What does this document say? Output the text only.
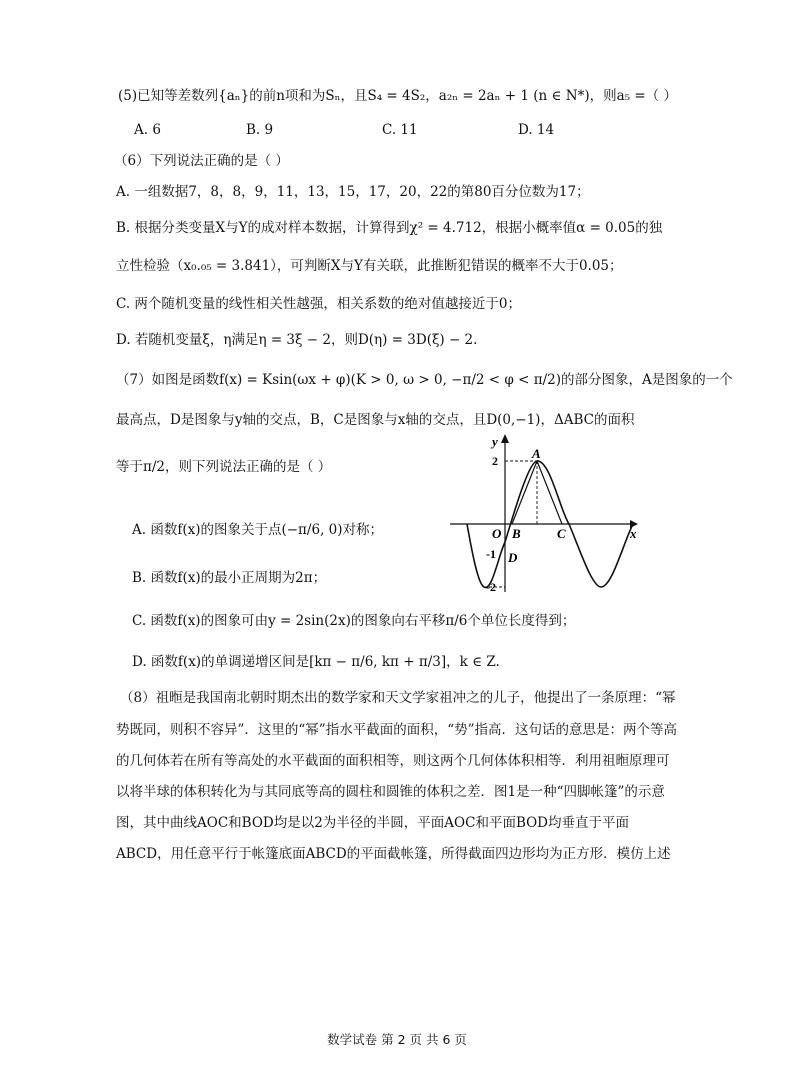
(5)已知等差数列{aₙ}的前n项和为Sₙ，且S₄ = 4S₂，a₂ₙ = 2aₙ + 1 (n ∈ N*)，则a₅ =（ ）
A. 6	B. 9	C. 11	D. 14
（6）下列说法正确的是（ ）
A. 一组数据7，8，8，9，11，13，15，17，20，22的第80百分位数为17；
B. 根据分类变量X与Y的成对样本数据，计算得到χ² = 4.712，根据小概率值α = 0.05的独
立性检验（x₀.₀₅ = 3.841），可判断X与Y有关联，此推断犯错误的概率不大于0.05；
C. 两个随机变量的线性相关性越强，相关系数的绝对值越接近于0；
D. 若随机变量ξ，η满足η = 3ξ − 2，则D(η) = 3D(ξ) − 2.
（7）如图是函数f(x) = Ksin(ωx + φ)(K > 0, ω > 0, −π/2 < φ < π/2)的部分图象，A是图象的一个
最高点，D是图象与y轴的交点，B，C是图象与x轴的交点，且D(0,−1)，ΔABC的面积
等于π/2，则下列说法正确的是（ ）
A. 函数f(x)的图象关于点(−π/6, 0)对称；
B. 函数f(x)的最小正周期为2π；
C. 函数f(x)的图象可由y = 2sin(2x)的图象向右平移π/6个单位长度得到；
D. 函数f(x)的单调递增区间是[kπ − π/6, kπ + π/3]，k ∈ Z.
y
x
2	A
O B	C
-1 D
-2
（8）祖暅是我国南北朝时期杰出的数学家和天文学家祖冲之的儿子，他提出了一条原理：“幂
势既同，则积不容异”．这里的“幂”指水平截面的面积，“势”指高．这句话的意思是：两个等高
的几何体若在所有等高处的水平截面的面积相等，则这两个几何体体积相等．利用祖暅原理可
以将半球的体积转化为与其同底等高的圆柱和圆锥的体积之差．图1是一种“四脚帐篷”的示意
图，其中曲线AOC和BOD均是以2为半径的半圆，平面AOC和平面BOD均垂直于平面
ABCD，用任意平行于帐篷底面ABCD的平面截帐篷，所得截面四边形均为正方形．模仿上述
数学试卷 第 2 页 共 6 页
